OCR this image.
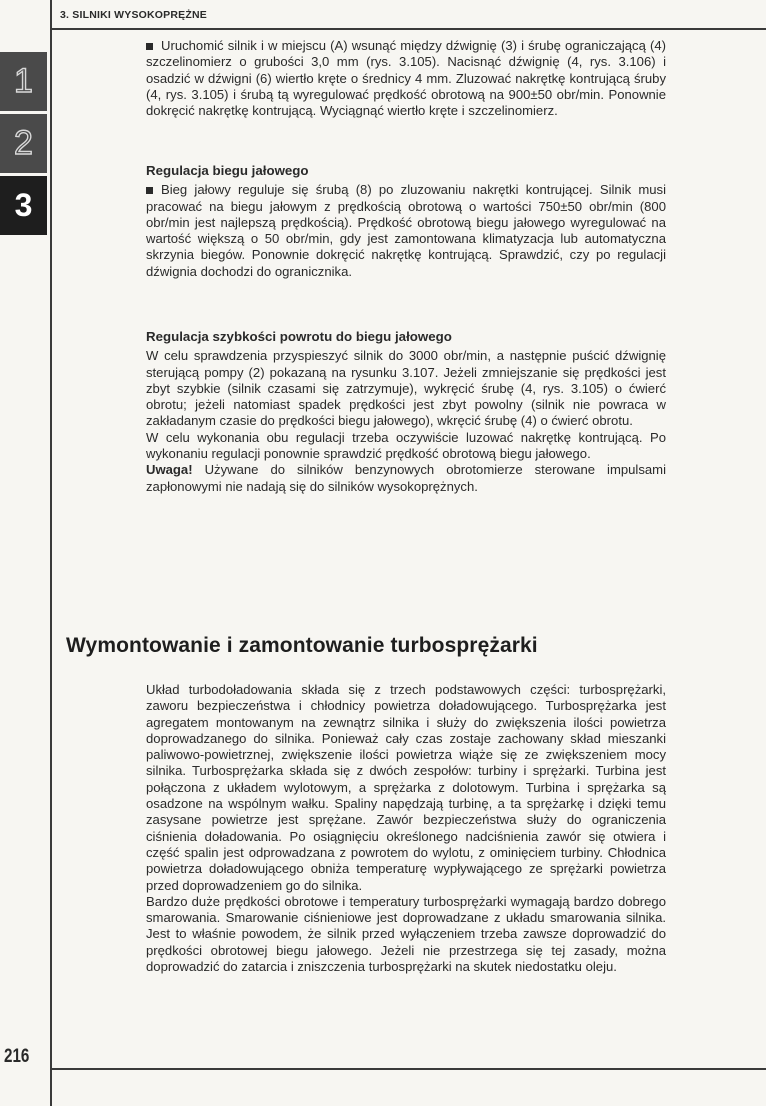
3. SILNIKI WYSOKOPRĘŻNE
1
2
3

Uruchomić silnik i w miejscu (A) wsunąć między dźwignię (3) i śrubę ograniczającą (4) szczelinomierz o grubości 3,0 mm (rys. 3.105). Nacisnąć dźwignię (4, rys. 3.106) i osadzić w dźwigni (6) wiertło kręte o średnicy 4 mm. Zluzować nakrętkę kontrującą śruby (4, rys. 3.105) i śrubą tą wyregulować prędkość obrotową na 900±50 obr/min. Ponownie dokręcić nakrętkę kontrującą. Wyciągnąć wiertło kręte i szczelinomierz.

Regulacja biegu jałowego

Bieg jałowy reguluje się śrubą (8) po zluzowaniu nakrętki kontrującej. Silnik musi pracować na biegu jałowym z prędkością obrotową o wartości 750±50 obr/min (800 obr/min jest najlepszą prędkością). Prędkość obrotową biegu jałowego wyregulować na wartość większą o 50 obr/min, gdy jest zamontowana klimatyzacja lub automatyczna skrzynia biegów. Ponownie dokręcić nakrętkę kontrującą. Sprawdzić, czy po regulacji dźwignia dochodzi do ogranicznika.

Regulacja szybkości powrotu do biegu jałowego

W celu sprawdzenia przyspieszyć silnik do 3000 obr/min, a następnie puścić dźwignię sterującą pompy (2) pokazaną na rysunku 3.107. Jeżeli zmniejszanie się prędkości jest zbyt szybkie (silnik czasami się zatrzymuje), wykręcić śrubę (4, rys. 3.105) o ćwierć obrotu; jeżeli natomiast spadek prędkości jest zbyt powolny (silnik nie powraca w zakładanym czasie do prędkości biegu jałowego), wkręcić śrubę (4) o ćwierć obrotu.

W celu wykonania obu regulacji trzeba oczywiście luzować nakrętkę kontrującą. Po wykonaniu regulacji ponownie sprawdzić prędkość obrotową biegu jałowego.

Uwaga! Używane do silników benzynowych obrotomierze sterowane impulsami zapłonowymi nie nadają się do silników wysokoprężnych.

Wymontowanie i zamontowanie turbosprężarki

Układ turbodoładowania składa się z trzech podstawowych części: turbosprężarki, zaworu bezpieczeństwa i chłodnicy powietrza doładowującego. Turbosprężarka jest agregatem montowanym na zewnątrz silnika i służy do zwiększenia ilości powietrza doprowadzanego do silnika. Ponieważ cały czas zostaje zachowany skład mieszanki paliwowo-powietrznej, zwiększenie ilości powietrza wiąże się ze zwiększeniem mocy silnika. Turbosprężarka składa się z dwóch zespołów: turbiny i sprężarki. Turbina jest połączona z układem wylotowym, a sprężarka z dolotowym. Turbina i sprężarka są osadzone na wspólnym wałku. Spaliny napędzają turbinę, a ta sprężarkę i dzięki temu zasysane powietrze jest sprężane. Zawór bezpieczeństwa służy do ograniczenia ciśnienia doładowania. Po osiągnięciu określonego nadciśnienia zawór się otwiera i część spalin jest odprowadzana z powrotem do wylotu, z ominięciem turbiny. Chłodnica powietrza doładowującego obniża temperaturę wypływającego ze sprężarki powietrza przed doprowadzeniem go do silnika.

Bardzo duże prędkości obrotowe i temperatury turbosprężarki wymagają bardzo dobrego smarowania. Smarowanie ciśnieniowe jest doprowadzane z układu smarowania silnika. Jest to właśnie powodem, że silnik przed wyłączeniem trzeba zawsze doprowadzić do prędkości obrotowej biegu jałowego. Jeżeli nie przestrzega się tej zasady, można doprowadzić do zatarcia i zniszczenia turbosprężarki na skutek niedostatku oleju.

216
